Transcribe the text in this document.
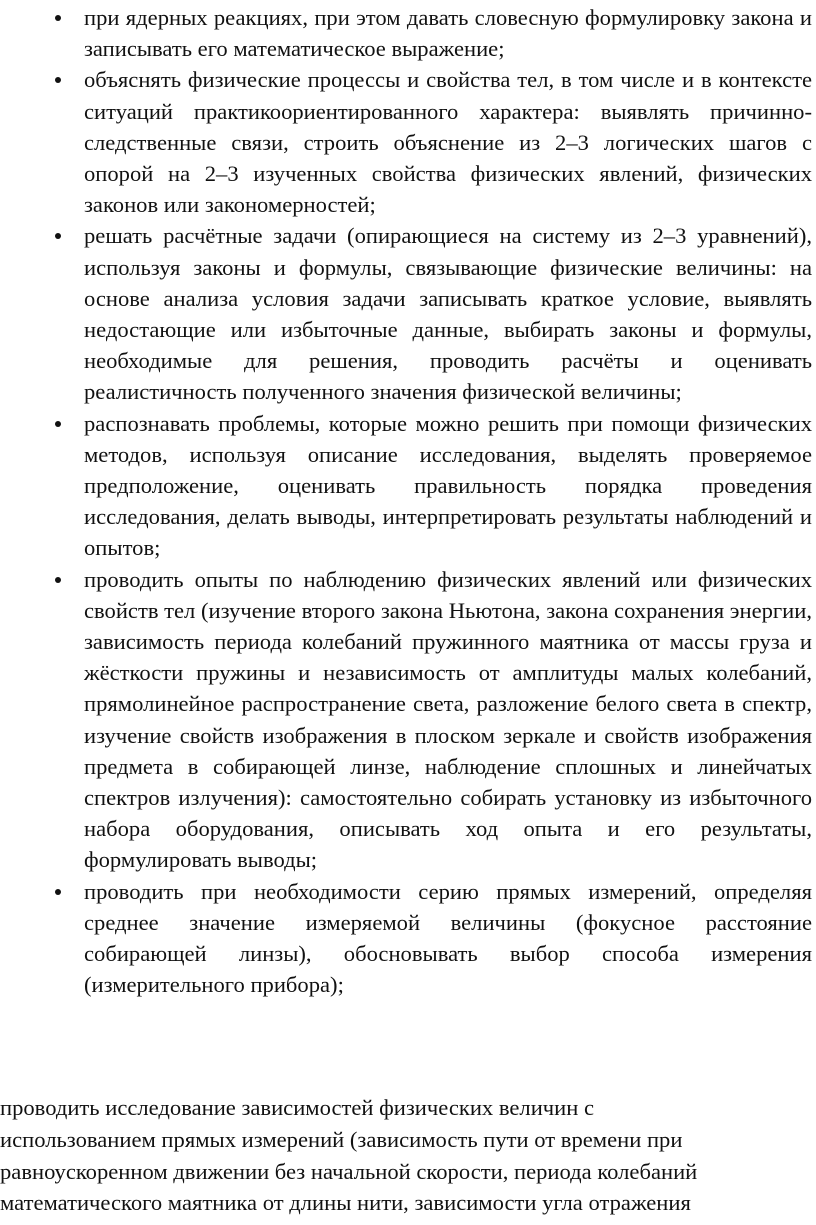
при ядерных реакциях, при этом давать словесную формулировку закона и записывать его математическое выражение;
объяснять физические процессы и свойства тел, в том числе и в контексте ситуаций практикоориентированного характера: выявлять причинно-следственные связи, строить объяснение из 2–3 логических шагов с опорой на 2–3 изученных свойства физических явлений, физических законов или закономерностей;
решать расчётные задачи (опирающиеся на систему из 2–3 уравнений), используя законы и формулы, связывающие физические величины: на основе анализа условия задачи записывать краткое условие, выявлять недостающие или избыточные данные, выбирать законы и формулы, необходимые для решения, проводить расчёты и оценивать реалистичность полученного значения физической величины;
распознавать проблемы, которые можно решить при помощи физических методов, используя описание исследования, выделять проверяемое предположение, оценивать правильность порядка проведения исследования, делать выводы, интерпретировать результаты наблюдений и опытов;
проводить опыты по наблюдению физических явлений или физических свойств тел (изучение второго закона Ньютона, закона сохранения энергии, зависимость периода колебаний пружинного маятника от массы груза и жёсткости пружины и независимость от амплитуды малых колебаний, прямолинейное распространение света, разложение белого света в спектр, изучение свойств изображения в плоском зеркале и свойств изображения предмета в собирающей линзе, наблюдение сплошных и линейчатых спектров излучения): самостоятельно собирать установку из избыточного набора оборудования, описывать ход опыта и его результаты, формулировать выводы;
проводить при необходимости серию прямых измерений, определяя среднее значение измеряемой величины (фокусное расстояние собирающей линзы), обосновывать выбор способа измерения (измерительного прибора);
проводить исследование зависимостей физических величин с
использованием прямых измерений (зависимость пути от времени при
равноускоренном движении без начальной скорости, периода колебаний
математического маятника от длины нити, зависимости угла отражения
